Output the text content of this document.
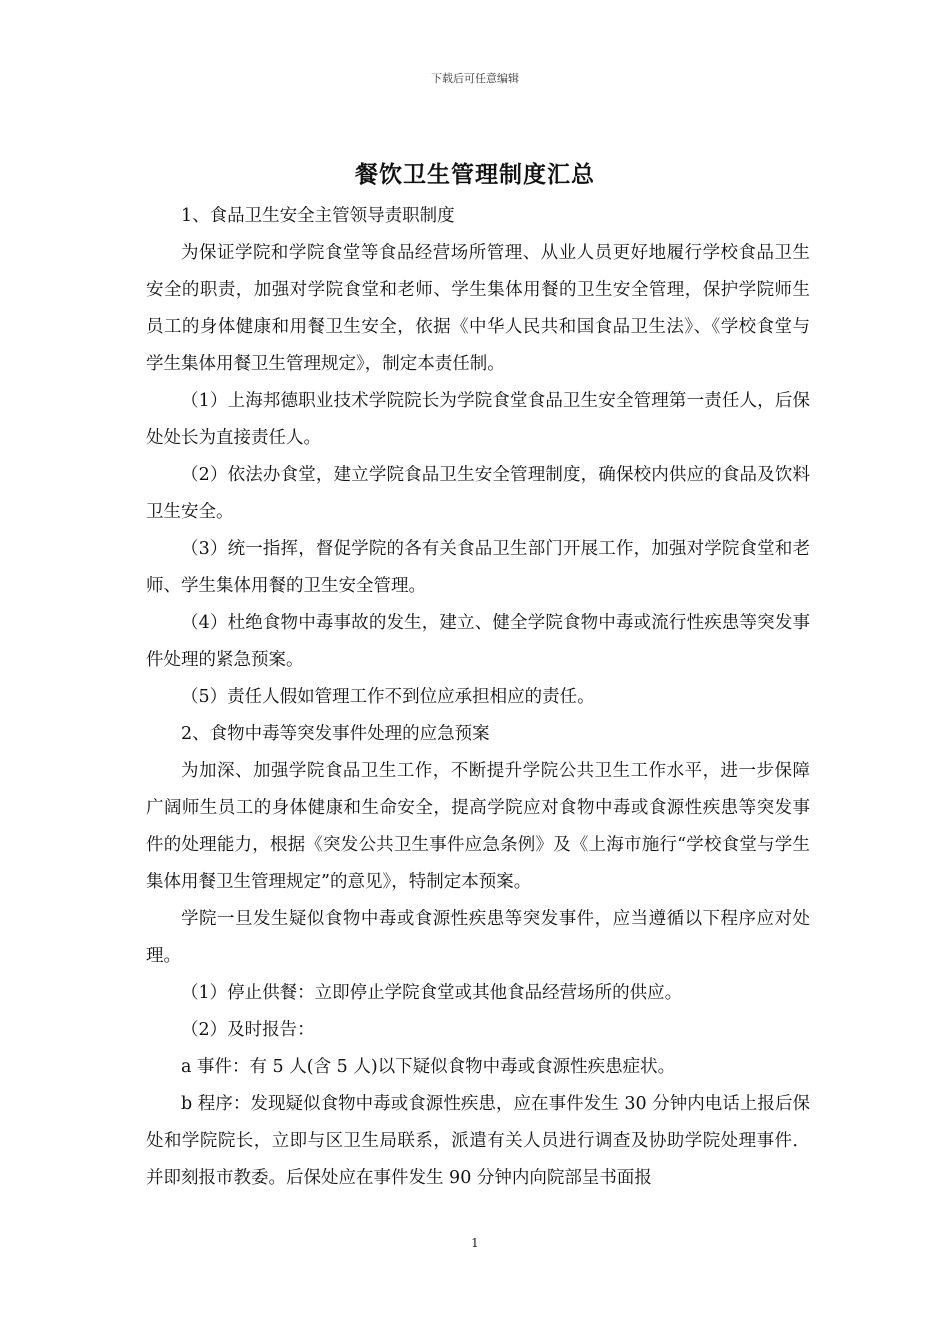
下载后可任意编辑
餐饮卫生管理制度汇总

1、食品卫生安全主管领导责职制度

为保证学院和学院食堂等食品经营场所管理、从业人员更好地履行学校食品卫生安全的职责，加强对学院食堂和老师、学生集体用餐的卫生安全管理，保护学院师生员工的身体健康和用餐卫生安全，依据《中华人民共和国食品卫生法》、《学校食堂与学生集体用餐卫生管理规定》，制定本责任制。

（1）上海邦德职业技术学院院长为学院食堂食品卫生安全管理第一责任人，后保处处长为直接责任人。

（2）依法办食堂，建立学院食品卫生安全管理制度，确保校内供应的食品及饮料卫生安全。

（3）统一指挥，督促学院的各有关食品卫生部门开展工作，加强对学院食堂和老师、学生集体用餐的卫生安全管理。

（4）杜绝食物中毒事故的发生，建立、健全学院食物中毒或流行性疾患等突发事件处理的紧急预案。

（5）责任人假如管理工作不到位应承担相应的责任。

2、食物中毒等突发事件处理的应急预案

为加深、加强学院食品卫生工作，不断提升学院公共卫生工作水平，进一步保障广阔师生员工的身体健康和生命安全，提高学院应对食物中毒或食源性疾患等突发事件的处理能力，根据《突发公共卫生事件应急条例》及《上海市施行“学校食堂与学生集体用餐卫生管理规定”的意见》，特制定本预案。

学院一旦发生疑似食物中毒或食源性疾患等突发事件，应当遵循以下程序应对处理。

（1）停止供餐：立即停止学院食堂或其他食品经营场所的供应。

（2）及时报告：

a 事件：有 5 人(含 5 人)以下疑似食物中毒或食源性疾患症状。

b 程序：发现疑似食物中毒或食源性疾患，应在事件发生 30 分钟内电话上报后保处和学院院长，立即与区卫生局联系，派遣有关人员进行调查及协助学院处理事件．并即刻报市教委。后保处应在事件发生 90 分钟内向院部呈书面报

1
